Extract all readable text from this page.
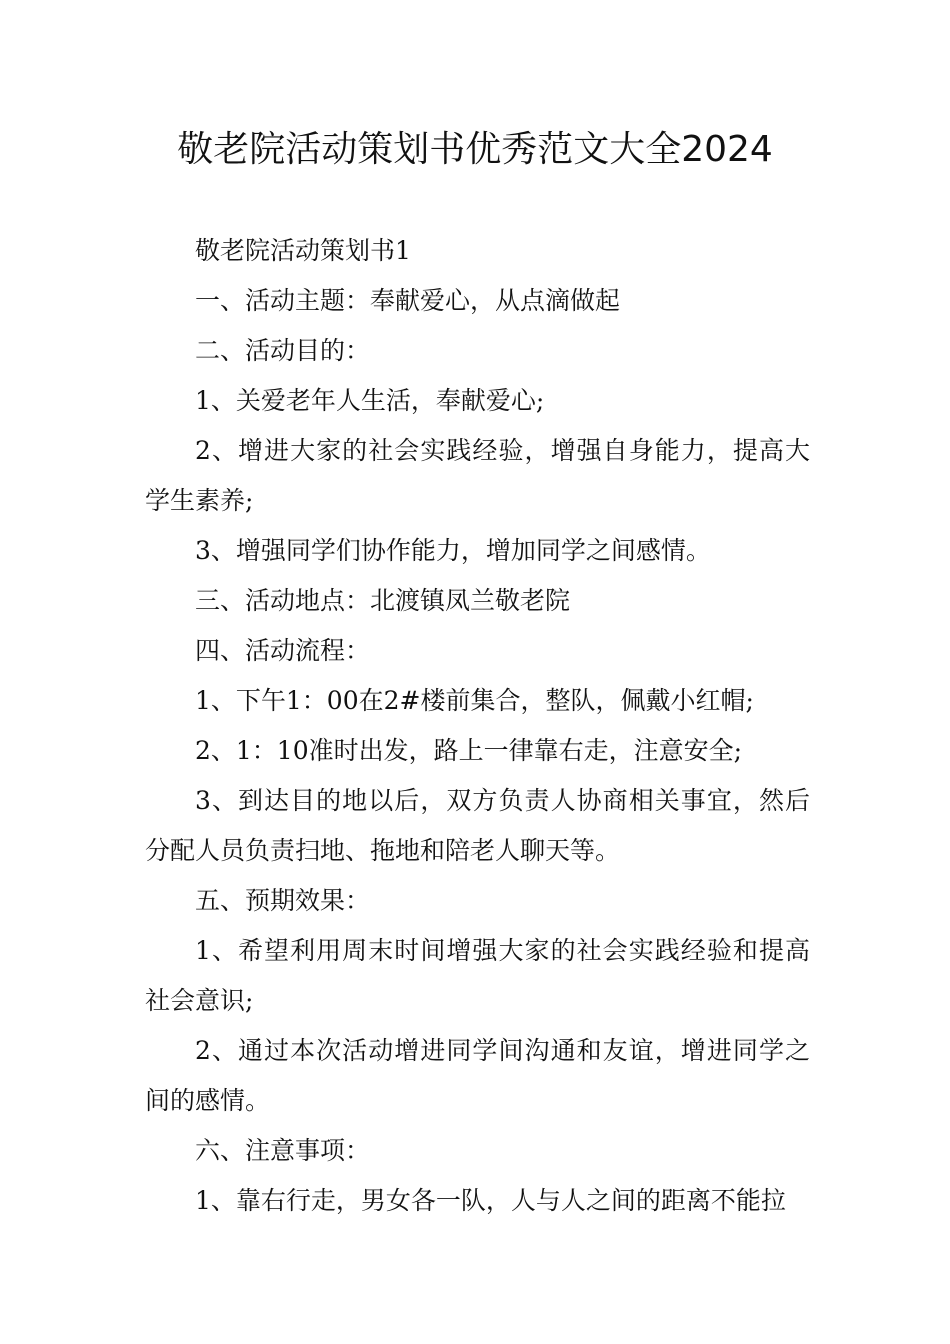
敬老院活动策划书优秀范文大全2024

敬老院活动策划书1

一、活动主题：奉献爱心，从点滴做起

二、活动目的：

1、关爱老年人生活，奉献爱心;

2、增进大家的社会实践经验，增强自身能力，提高大学生素养;

3、增强同学们协作能力，增加同学之间感情。

三、活动地点：北渡镇凤兰敬老院

四、活动流程：

1、下午1：00在2#楼前集合，整队，佩戴小红帽;

2、1：10准时出发，路上一律靠右走，注意安全;

3、到达目的地以后，双方负责人协商相关事宜，然后分配人员负责扫地、拖地和陪老人聊天等。

五、预期效果：

1、希望利用周末时间增强大家的社会实践经验和提高社会意识;

2、通过本次活动增进同学间沟通和友谊，增进同学之间的感情。

六、注意事项：

1、靠右行走，男女各一队，人与人之间的距离不能拉
